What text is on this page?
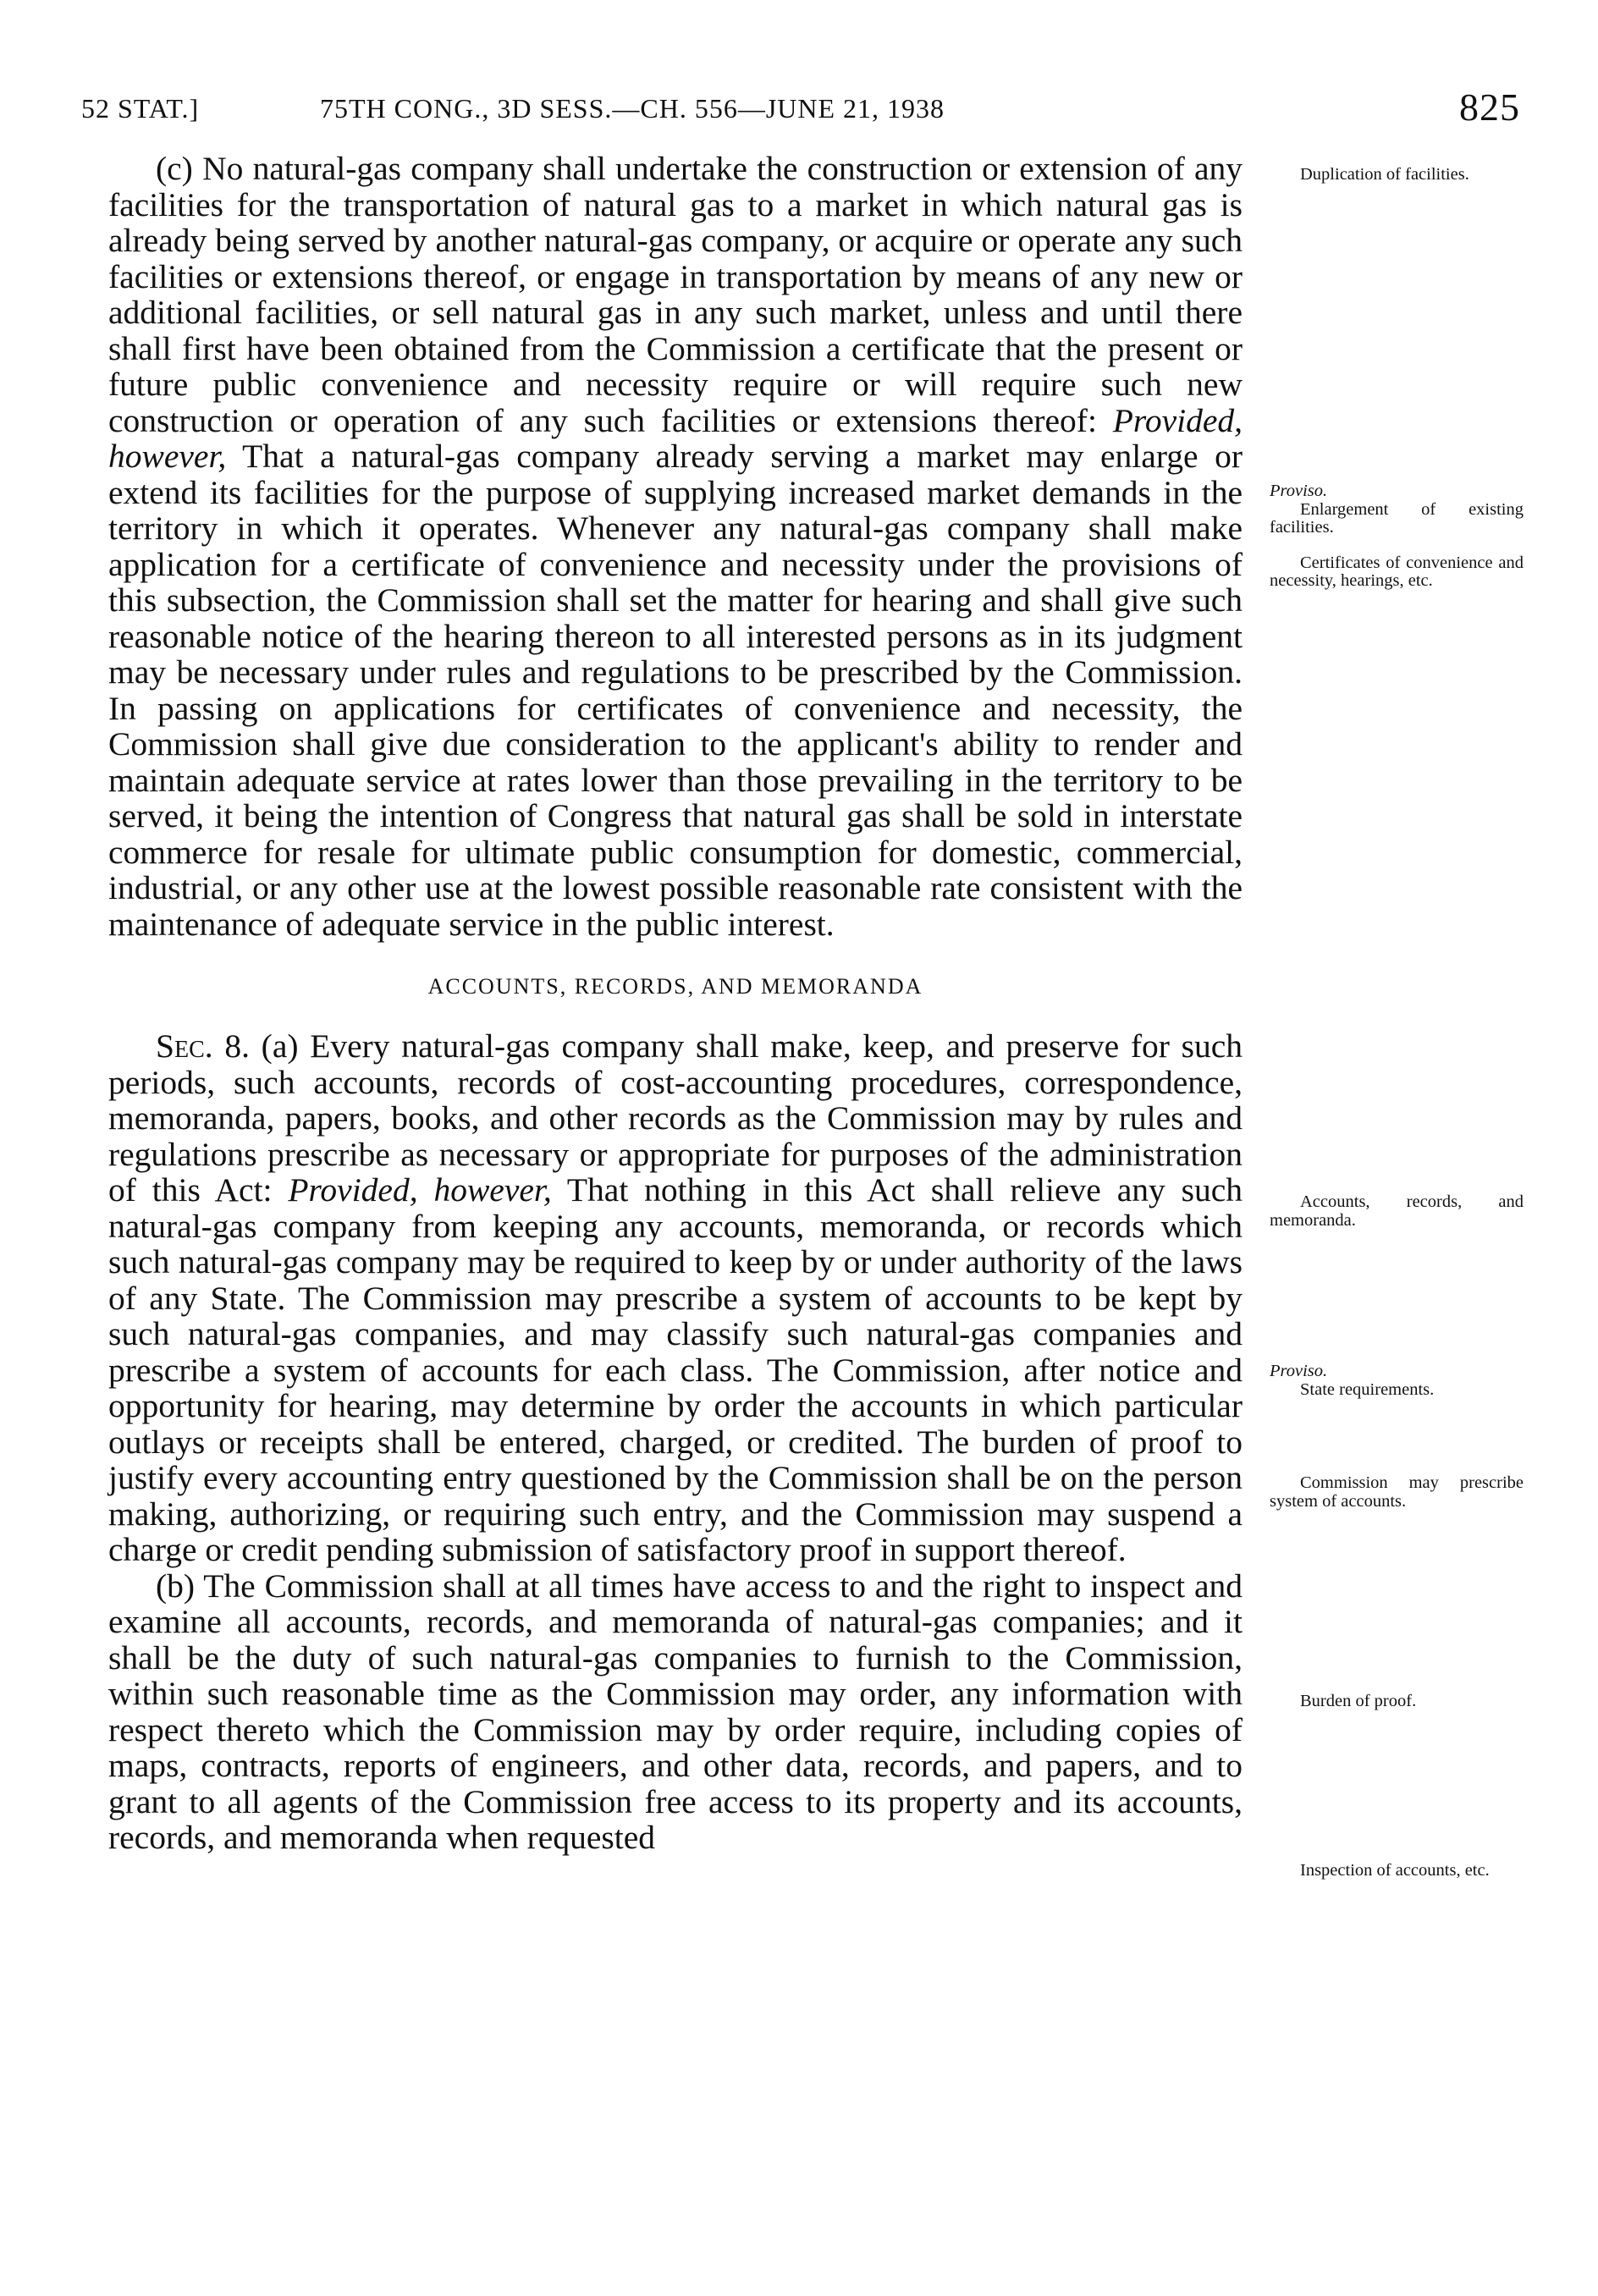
52 STAT.]	75TH CONG., 3D SESS.—CH. 556—JUNE 21, 1938	825

(c) No natural-gas company shall undertake the construction or extension of any facilities for the transportation of natural gas to a market in which natural gas is already being served by another natural-gas company, or acquire or operate any such facilities or extensions thereof, or engage in transportation by means of any new or additional facilities, or sell natural gas in any such market, unless and until there shall first have been obtained from the Commission a certificate that the present or future public convenience and necessity require or will require such new construction or operation of any such facilities or extensions thereof: Provided, however, That a natural-gas company already serving a market may enlarge or extend its facilities for the purpose of supplying increased market demands in the territory in which it operates. Whenever any natural-gas company shall make application for a certificate of convenience and necessity under the provisions of this subsection, the Commission shall set the matter for hearing and shall give such reasonable notice of the hearing thereon to all interested persons as in its judgment may be necessary under rules and regulations to be prescribed by the Commission. In passing on applications for certificates of convenience and necessity, the Commission shall give due consideration to the applicant's ability to render and maintain adequate service at rates lower than those prevailing in the territory to be served, it being the intention of Congress that natural gas shall be sold in interstate commerce for resale for ultimate public consumption for domestic, commercial, industrial, or any other use at the lowest possible reasonable rate consistent with the maintenance of adequate service in the public interest.

ACCOUNTS, RECORDS, AND MEMORANDA

Sec. 8. (a) Every natural-gas company shall make, keep, and preserve for such periods, such accounts, records of cost-accounting procedures, correspondence, memoranda, papers, books, and other records as the Commission may by rules and regulations prescribe as necessary or appropriate for purposes of the administration of this Act: Provided, however, That nothing in this Act shall relieve any such natural-gas company from keeping any accounts, memoranda, or records which such natural-gas company may be required to keep by or under authority of the laws of any State. The Commission may prescribe a system of accounts to be kept by such natural-gas companies, and may classify such natural-gas companies and prescribe a system of accounts for each class. The Commission, after notice and opportunity for hearing, may determine by order the accounts in which particular outlays or receipts shall be entered, charged, or credited. The burden of proof to justify every accounting entry questioned by the Commission shall be on the person making, authorizing, or requiring such entry, and the Commission may suspend a charge or credit pending submission of satisfactory proof in support thereof.

(b) The Commission shall at all times have access to and the right to inspect and examine all accounts, records, and memoranda of natural-gas companies; and it shall be the duty of such natural-gas companies to furnish to the Commission, within such reasonable time as the Commission may order, any information with respect thereto which the Commission may by order require, including copies of maps, contracts, reports of engineers, and other data, records, and papers, and to grant to all agents of the Commission free access to its property and its accounts, records, and memoranda when requested

Duplication of facilities.
Proviso.
Enlargement of existing facilities.
Certificates of convenience and necessity, hearings, etc.
Accounts, records, and memoranda.
Proviso.
State requirements.
Commission may prescribe system of accounts.
Burden of proof.
Inspection of accounts, etc.
